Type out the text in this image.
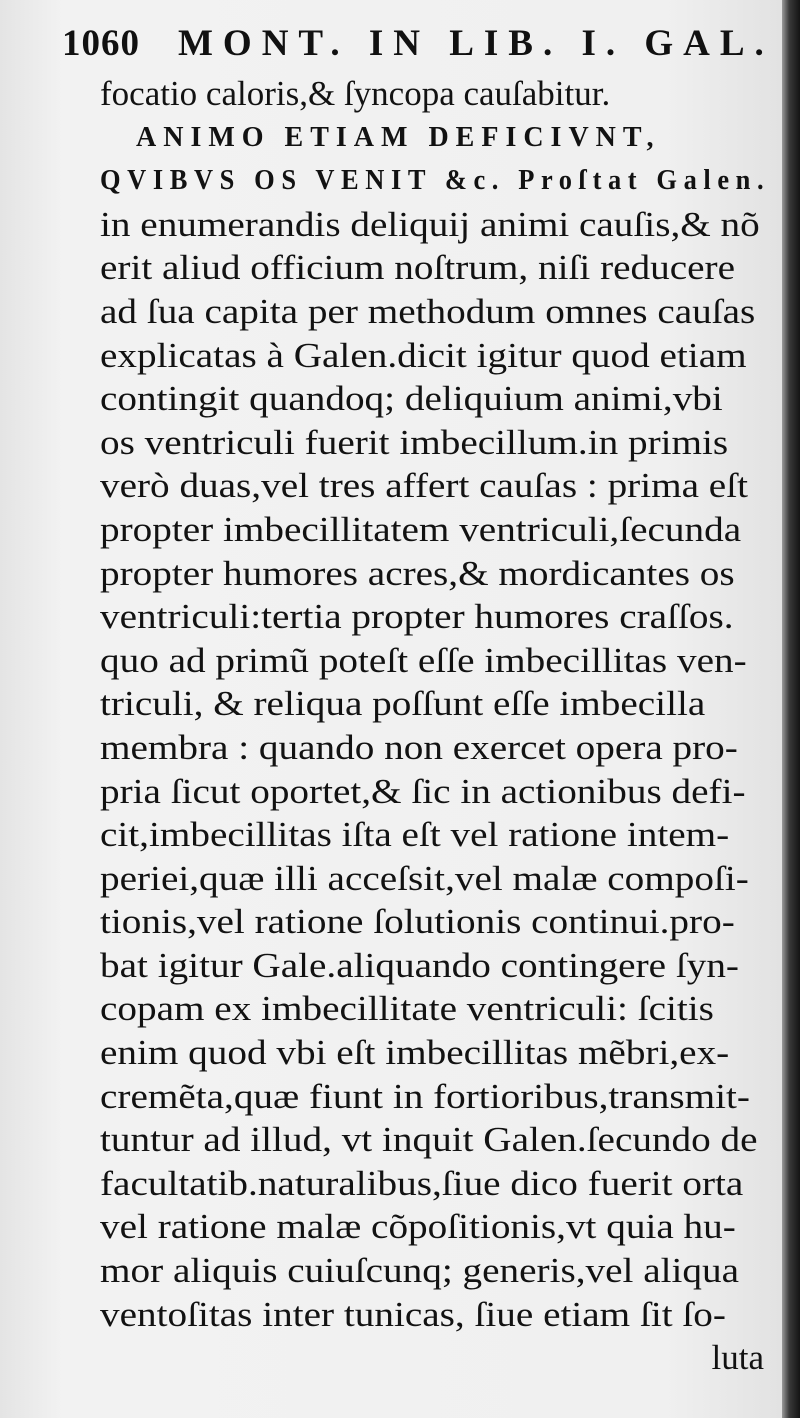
1060 MONT. IN LIB. I. GAL.
focatio caloris,& ſyncopa cauſabitur.
ANIMO ETIAM DEFICIVNT,
QVIBVS OS VENIT &c. Proſtat Galen.
in enumerandis deliquij animi cauſis,& nõ
erit aliud officium noſtrum, niſi reducere
ad ſua capita per methodum omnes cauſas
explicatas à Galen.dicit igitur quod etiam
contingit quandoq; deliquium animi,vbi
os ventriculi fuerit imbecillum.in primis
verò duas,vel tres affert cauſas : prima eſt
propter imbecillitatem ventriculi,ſecunda
propter humores acres,& mordicantes os
ventriculi:tertia propter humores craſſos.
quo ad primũ poteſt eſſe imbecillitas ven-
triculi, & reliqua poſſunt eſſe imbecilla
membra : quando non exercet opera pro-
pria ſicut oportet,& ſic in actionibus defi-
cit,imbecillitas iſta eſt vel ratione intem-
periei,quæ illi acceſsit,vel malæ compoſi-
tionis,vel ratione ſolutionis continui.pro-
bat igitur Gale.aliquando contingere ſyn-
copam ex imbecillitate ventriculi: ſcitis
enim quod vbi eſt imbecillitas mẽbri,ex-
cremẽta,quæ fiunt in fortioribus,transmit-
tuntur ad illud, vt inquit Galen.ſecundo de
facultatib.naturalibus,ſiue dico fuerit orta
vel ratione malæ cõpoſitionis,vt quia hu-
mor aliquis cuiuſcunq; generis,vel aliqua
ventoſitas inter tunicas, ſiue etiam ſit ſo-
luta
